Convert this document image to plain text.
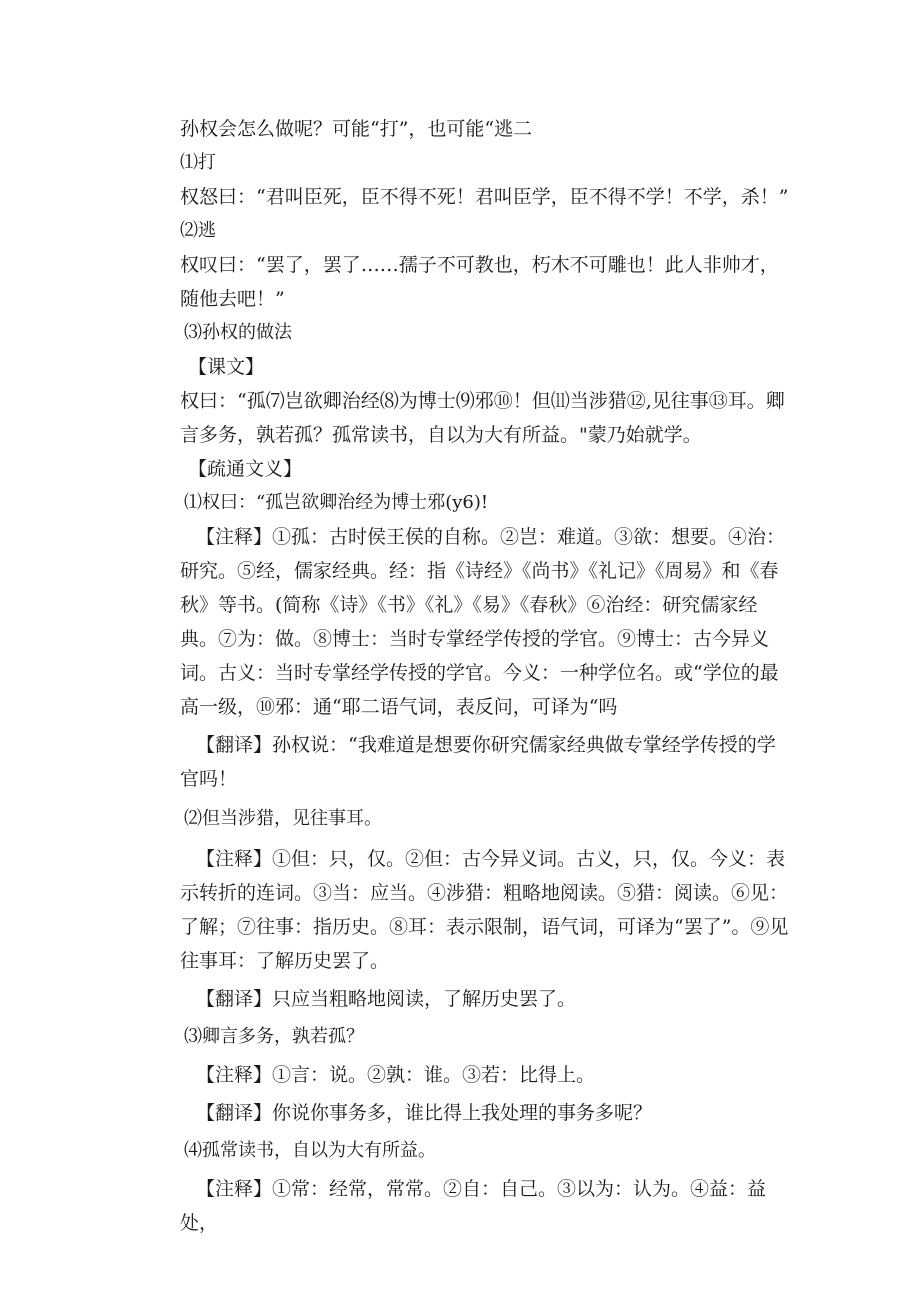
孙权会怎么做呢？可能“打”，也可能“逃二

⑴打

权怒曰：“君叫臣死，臣不得不死！君叫臣学，臣不得不学！不学，杀！”

⑵逃

权叹曰：“罢了，罢了……孺子不可教也，朽木不可雕也！此人非帅才，随他去吧！”

⑶孙权的做法

【课文】

权曰：“孤⑺岂欲卿治经⑻为博士⑼邪⑩！但⑾当涉猎⑫,见往事⑬耳。卿言多务，孰若孤？孤常读书，自以为大有所益。"蒙乃始就学。

【疏通文义】

⑴权曰：“孤岂欲卿治经为博士邪(y6)!

【注释】①孤：古时侯王侯的自称。②岂：难道。③欲：想要。④治：研究。⑤经，儒家经典。经：指《诗经》《尚书》《礼记》《周易》和《春秋》等书。(简称《诗》《书》《礼》《易》《春秋》⑥治经：研究儒家经典。⑦为：做。⑧博士：当时专掌经学传授的学官。⑨博士：古今异义词。古义：当时专掌经学传授的学官。今义：一种学位名。或“学位的最高一级，⑩邪：通“耶二语气词，表反问，可译为“吗

【翻译】孙权说：“我难道是想要你研究儒家经典做专掌经学传授的学官吗！

⑵但当涉猎，见往事耳。

【注释】①但：只，仅。②但：古今异义词。古义，只，仅。今义：表示转折的连词。③当：应当。④涉猎：粗略地阅读。⑤猎：阅读。⑥见：了解；⑦往事：指历史。⑧耳：表示限制，语气词，可译为“罢了”。⑨见往事耳：了解历史罢了。

【翻译】只应当粗略地阅读，了解历史罢了。

⑶卿言多务，孰若孤？

【注释】①言：说。②孰：谁。③若：比得上。

【翻译】你说你事务多，谁比得上我处理的事务多呢？

⑷孤常读书，自以为大有所益。

【注释】①常：经常，常常。②自：自己。③以为：认为。④益：益处，
